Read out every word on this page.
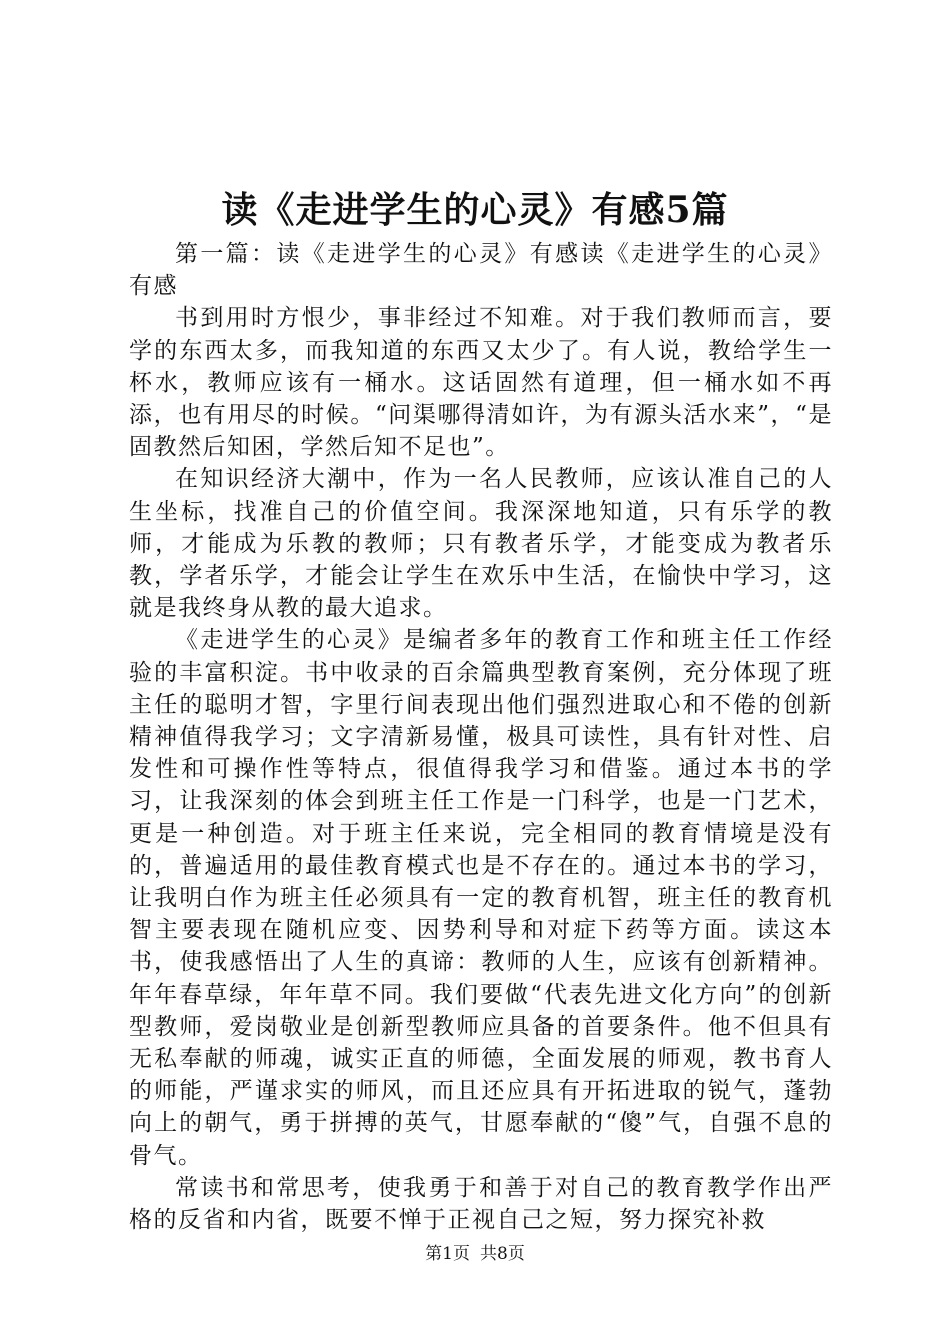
读《走进学生的心灵》有感5篇

第一篇：读《走进学生的心灵》有感读《走进学生的心灵》有感

书到用时方恨少，事非经过不知难。对于我们教师而言，要学的东西太多，而我知道的东西又太少了。有人说，教给学生一杯水，教师应该有一桶水。这话固然有道理，但一桶水如不再添，也有用尽的时候。“问渠哪得清如许，为有源头活水来”，“是固教然后知困，学然后知不足也”。

在知识经济大潮中，作为一名人民教师，应该认准自己的人生坐标，找准自己的价值空间。我深深地知道，只有乐学的教师，才能成为乐教的教师；只有教者乐学，才能变成为教者乐教，学者乐学，才能会让学生在欢乐中生活，在愉快中学习，这就是我终身从教的最大追求。

《走进学生的心灵》是编者多年的教育工作和班主任工作经验的丰富积淀。书中收录的百余篇典型教育案例，充分体现了班主任的聪明才智，字里行间表现出他们强烈进取心和不倦的创新精神值得我学习；文字清新易懂，极具可读性，具有针对性、启发性和可操作性等特点，很值得我学习和借鉴。通过本书的学习，让我深刻的体会到班主任工作是一门科学，也是一门艺术，更是一种创造。对于班主任来说，完全相同的教育情境是没有的，普遍适用的最佳教育模式也是不存在的。通过本书的学习，让我明白作为班主任必须具有一定的教育机智，班主任的教育机智主要表现在随机应变、因势利导和对症下药等方面。读这本书，使我感悟出了人生的真谛：教师的人生，应该有创新精神。年年春草绿，年年草不同。我们要做“代表先进文化方向”的创新型教师，爱岗敬业是创新型教师应具备的首要条件。他不但具有无私奉献的师魂，诚实正直的师德，全面发展的师观，教书育人的师能，严谨求实的师风，而且还应具有开拓进取的锐气，蓬勃向上的朝气，勇于拼搏的英气，甘愿奉献的“傻”气，自强不息的骨气。

常读书和常思考，使我勇于和善于对自己的教育教学作出严格的反省和内省，既要不惮于正视自己之短，努力探究补救

第1页 共8页
